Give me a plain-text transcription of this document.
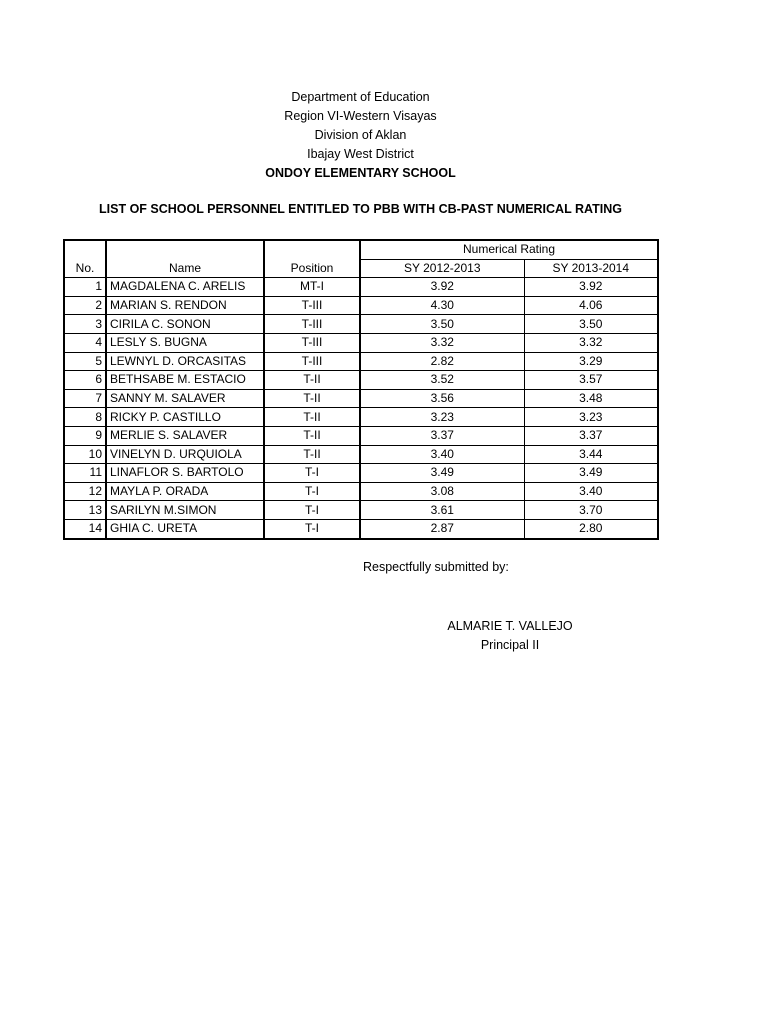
Department of Education
Region VI-Western Visayas
Division of Aklan
Ibajay West District
ONDOY ELEMENTARY SCHOOL
LIST OF SCHOOL PERSONNEL ENTITLED TO PBB WITH CB-PAST NUMERICAL RATING
			Numerical Rating	
No.	Name	Position	SY 2012-2013	SY 2013-2014
1	MAGDALENA C. ARELIS	MT-I	3.92	3.92
2	MARIAN S. RENDON	T-III	4.30	4.06
3	CIRILA C. SONON	T-III	3.50	3.50
4	LESLY S. BUGNA	T-III	3.32	3.32
5	LEWNYL D. ORCASITAS	T-III	2.82	3.29
6	BETHSABE M. ESTACIO	T-II	3.52	3.57
7	SANNY M. SALAVER	T-II	3.56	3.48
8	RICKY P. CASTILLO	T-II	3.23	3.23
9	MERLIE S. SALAVER	T-II	3.37	3.37
10	VINELYN D. URQUIOLA	T-II	3.40	3.44
11	LINAFLOR S. BARTOLO	T-I	3.49	3.49
12	MAYLA P. ORADA	T-I	3.08	3.40
13	SARILYN M.SIMON	T-I	3.61	3.70
14	GHIA C. URETA	T-I	2.87	2.80
Respectfully submitted by:
ALMARIE T. VALLEJO
Principal II
